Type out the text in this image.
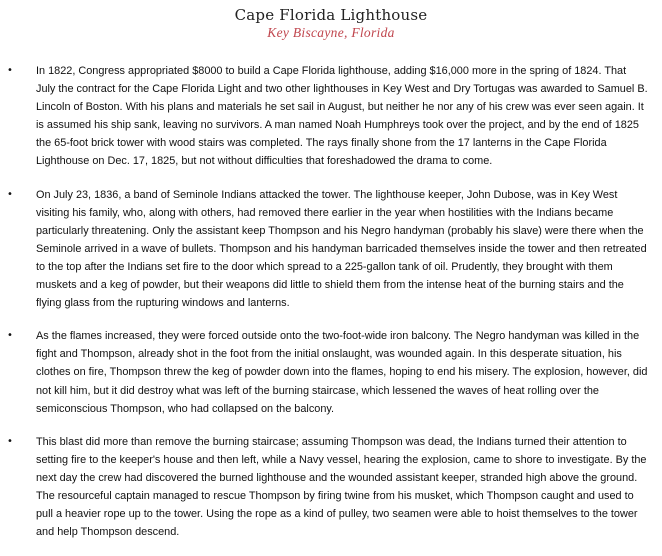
Cape Florida Lighthouse
Key Biscayne, Florida
• In 1822, Congress appropriated $8000 to build a Cape Florida lighthouse, adding $16,000 more in the spring of 1824. That July the contract for the Cape Florida Light and two other lighthouses in Key West and Dry Tortugas was awarded to Samuel B. Lincoln of Boston. With his plans and materials he set sail in August, but neither he nor any of his crew was ever seen again. It is assumed his ship sank, leaving no survivors. A man named Noah Humphreys took over the project, and by the end of 1825 the 65-foot brick tower with wood stairs was completed. The rays finally shone from the 17 lanterns in the Cape Florida Lighthouse on Dec. 17, 1825, but not without difficulties that foreshadowed the drama to come.
• On July 23, 1836, a band of Seminole Indians attacked the tower. The lighthouse keeper, John Dubose, was in Key West visiting his family, who, along with others, had removed there earlier in the year when hostilities with the Indians became particularly threatening. Only the assistant keep Thompson and his Negro handyman (probably his slave) were there when the Seminole arrived in a wave of bullets. Thompson and his handyman barricaded themselves inside the tower and then retreated to the top after the Indians set fire to the door which spread to a 225-gallon tank of oil. Prudently, they brought with them muskets and a keg of powder, but their weapons did little to shield them from the intense heat of the burning stairs and the flying glass from the rupturing windows and lanterns.
• As the flames increased, they were forced outside onto the two-foot-wide iron balcony. The Negro handyman was killed in the fight and Thompson, already shot in the foot from the initial onslaught, was wounded again. In this desperate situation, his clothes on fire, Thompson threw the keg of powder down into the flames, hoping to end his misery. The explosion, however, did not kill him, but it did destroy what was left of the burning staircase, which lessened the waves of heat rolling over the semiconscious Thompson, who had collapsed on the balcony.
• This blast did more than remove the burning staircase; assuming Thompson was dead, the Indians turned their attention to setting fire to the keeper's house and then left, while a Navy vessel, hearing the explosion, came to shore to investigate. By the next day the crew had discovered the burned lighthouse and the wounded assistant keeper, stranded high above the ground. The resourceful captain managed to rescue Thompson by firing twine from his musket, which Thompson caught and used to pull a heavier rope up to the tower. Using the rope as a kind of pulley, two seamen were able to hoist themselves to the tower and help Thompson descend.
